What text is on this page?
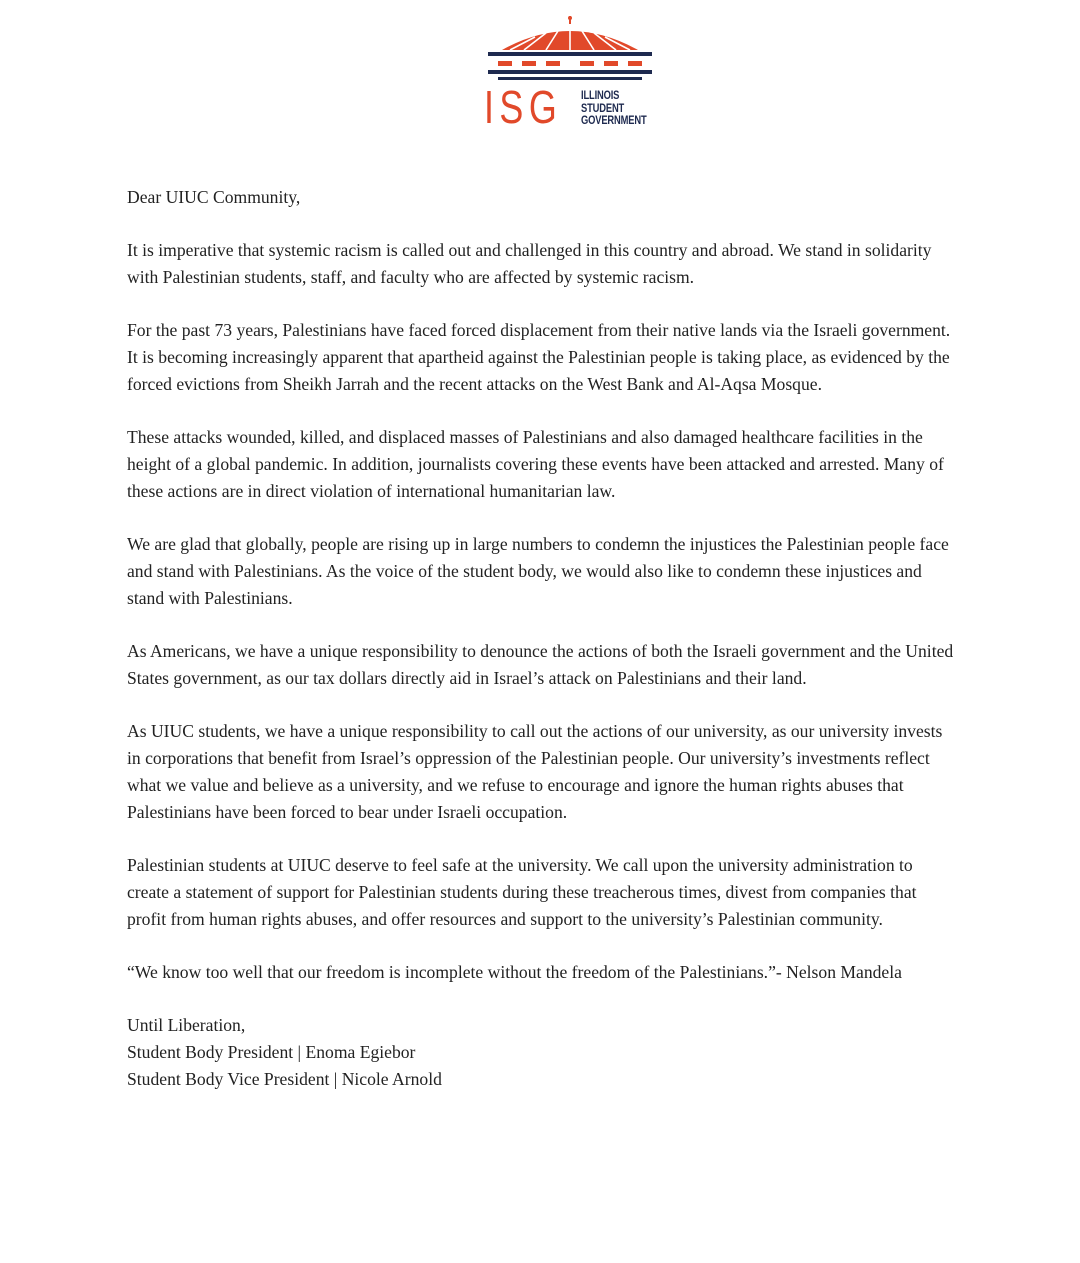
ISG ILLINOIS
STUDENT
GOVERNMENT

Dear UIUC Community,

It is imperative that systemic racism is called out and challenged in this country and abroad. We stand in solidarity with Palestinian students, staff, and faculty who are affected by systemic racism.

For the past 73 years, Palestinians have faced forced displacement from their native lands via the Israeli government. It is becoming increasingly apparent that apartheid against the Palestinian people is taking place, as evidenced by the forced evictions from Sheikh Jarrah and the recent attacks on the West Bank and Al-Aqsa Mosque.

These attacks wounded, killed, and displaced masses of Palestinians and also damaged healthcare facilities in the height of a global pandemic. In addition, journalists covering these events have been attacked and arrested. Many of these actions are in direct violation of international humanitarian law.

We are glad that globally, people are rising up in large numbers to condemn the injustices the Palestinian people face and stand with Palestinians. As the voice of the student body, we would also like to condemn these injustices and stand with Palestinians.

As Americans, we have a unique responsibility to denounce the actions of both the Israeli government and the United States government, as our tax dollars directly aid in Israel’s attack on Palestinians and their land.

As UIUC students, we have a unique responsibility to call out the actions of our university, as our university invests in corporations that benefit from Israel’s oppression of the Palestinian people. Our university’s investments reflect what we value and believe as a university, and we refuse to encourage and ignore the human rights abuses that Palestinians have been forced to bear under Israeli occupation.

Palestinian students at UIUC deserve to feel safe at the university. We call upon the university administration to create a statement of support for Palestinian students during these treacherous times, divest from companies that profit from human rights abuses, and offer resources and support to the university’s Palestinian community.

“We know too well that our freedom is incomplete without the freedom of the Palestinians.”- Nelson Mandela

Until Liberation,

Student Body President | Enoma Egiebor

Student Body Vice President | Nicole Arnold
